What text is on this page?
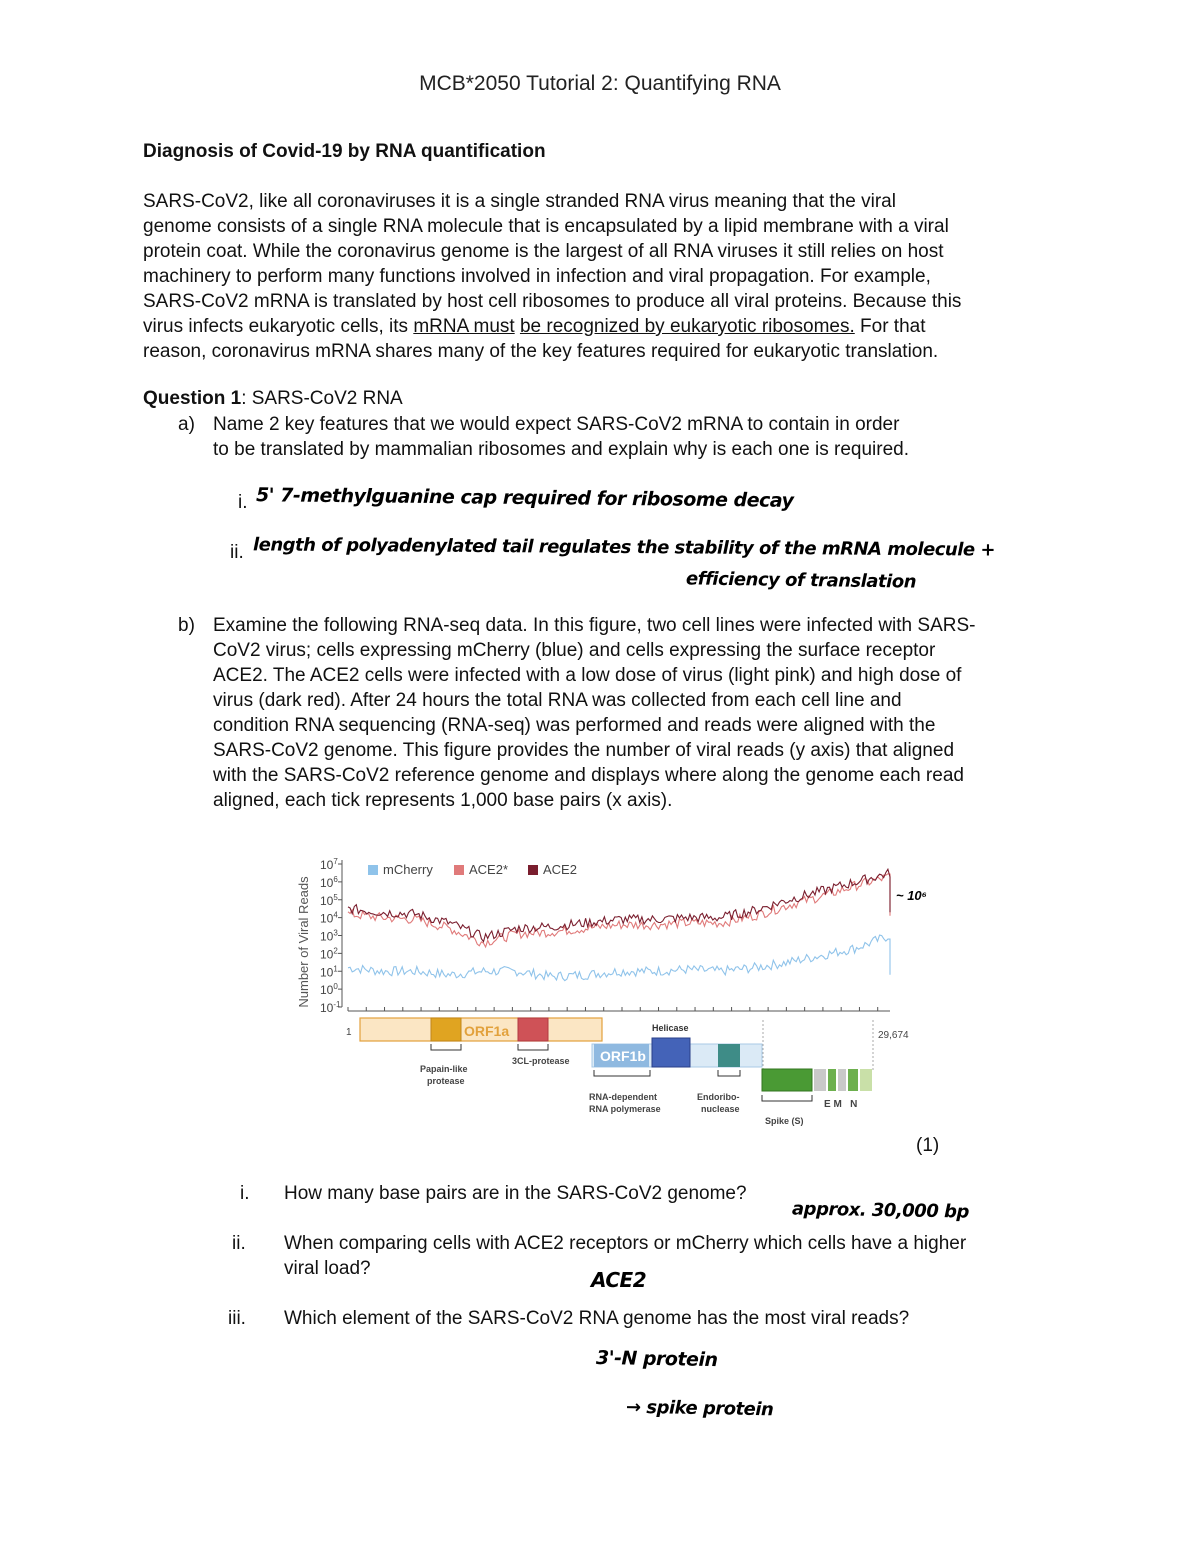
MCB*2050 Tutorial 2: Quantifying RNA
Diagnosis of Covid-19 by RNA quantification
SARS-CoV2, like all coronaviruses it is a single stranded RNA virus meaning that the viral
genome consists of a single RNA molecule that is encapsulated by a lipid membrane with a viral
protein coat. While the coronavirus genome is the largest of all RNA viruses it still relies on host
machinery to perform many functions involved in infection and viral propagation. For example,
SARS-CoV2 mRNA is translated by host cell ribosomes to produce all viral proteins. Because this
virus infects eukaryotic cells, its mRNA must be recognized by eukaryotic ribosomes. For that
reason, coronavirus mRNA shares many of the key features required for eukaryotic translation.
Question 1: SARS-CoV2 RNA
a) Name 2 key features that we would expect SARS-CoV2 mRNA to contain in order
to be translated by mammalian ribosomes and explain why is each one is required.
i. 5' 7-methylguanine cap required for ribosome decay
ii. length of polyadenylated tail regulates the stability of the mRNA molecule +
efficiency of translation
b) Examine the following RNA-seq data. In this figure, two cell lines were infected with SARS-
CoV2 virus; cells expressing mCherry (blue) and cells expressing the surface receptor
ACE2. The ACE2 cells were infected with a low dose of virus (light pink) and high dose of
virus (dark red). After 24 hours the total RNA was collected from each cell line and
condition RNA sequencing (RNA-seq) was performed and reads were aligned with the
SARS-CoV2 genome. This figure provides the number of viral reads (y axis) that aligned
with the SARS-CoV2 reference genome and displays where along the genome each read
aligned, each tick represents 1,000 base pairs (x axis).
Number of Viral Reads
$10^7$
$10^6$
$10^5$
$10^4$
$10^3$
$10^2$
$10^1$
$10^0$
$10^{-1}$
1	29,674
mCherry	ACE2*	ACE2
~ 10⁶
ORF1a
ORF1b
Helicase
Papain-like
protease
3CL-protease
RNA-dependent
RNA polymerase
Endoribo-
nuclease
Spike (S)
E M   N
(1)
i. How many base pairs are in the SARS-CoV2 genome?
approx. 30,000 bp
ii. When comparing cells with ACE2 receptors or mCherry which cells have a higher
viral load?	ACE2
iii. Which element of the SARS-CoV2 RNA genome has the most viral reads?
3'-N protein
→ spike protein
